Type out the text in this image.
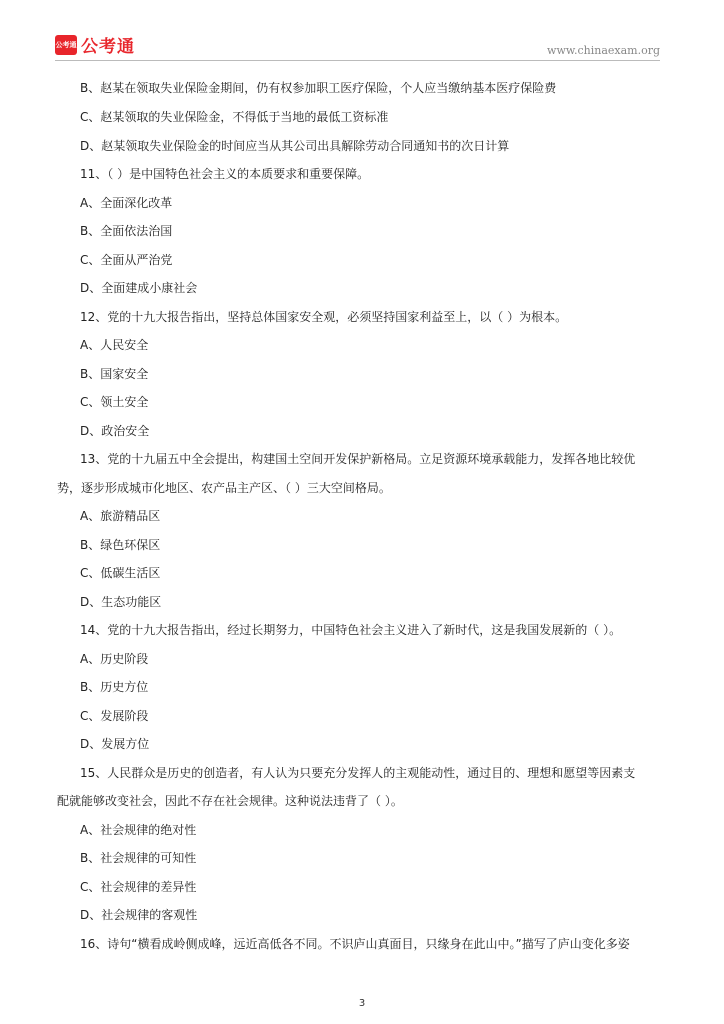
公考通 公考通	www.chinaexam.org
B、赵某在领取失业保险金期间，仍有权参加职工医疗保险，个人应当缴纳基本医疗保险费
C、赵某领取的失业保险金，不得低于当地的最低工资标准
D、赵某领取失业保险金的时间应当从其公司出具解除劳动合同通知书的次日计算
11、（ ）是中国特色社会主义的本质要求和重要保障。
A、全面深化改革
B、全面依法治国
C、全面从严治党
D、全面建成小康社会
12、党的十九大报告指出，坚持总体国家安全观，必须坚持国家利益至上，以（ ）为根本。
A、人民安全
B、国家安全
C、领土安全
D、政治安全
13、党的十九届五中全会提出，构建国土空间开发保护新格局。立足资源环境承载能力，发挥各地比较优
势，逐步形成城市化地区、农产品主产区、（ ）三大空间格局。
A、旅游精品区
B、绿色环保区
C、低碳生活区
D、生态功能区
14、党的十九大报告指出，经过长期努力，中国特色社会主义进入了新时代，这是我国发展新的（ ）。
A、历史阶段
B、历史方位
C、发展阶段
D、发展方位
15、人民群众是历史的创造者，有人认为只要充分发挥人的主观能动性，通过目的、理想和愿望等因素支
配就能够改变社会，因此不存在社会规律。这种说法违背了（ ）。
A、社会规律的绝对性
B、社会规律的可知性
C、社会规律的差异性
D、社会规律的客观性
16、诗句“横看成岭侧成峰，远近高低各不同。不识庐山真面目，只缘身在此山中。”描写了庐山变化多姿
3
